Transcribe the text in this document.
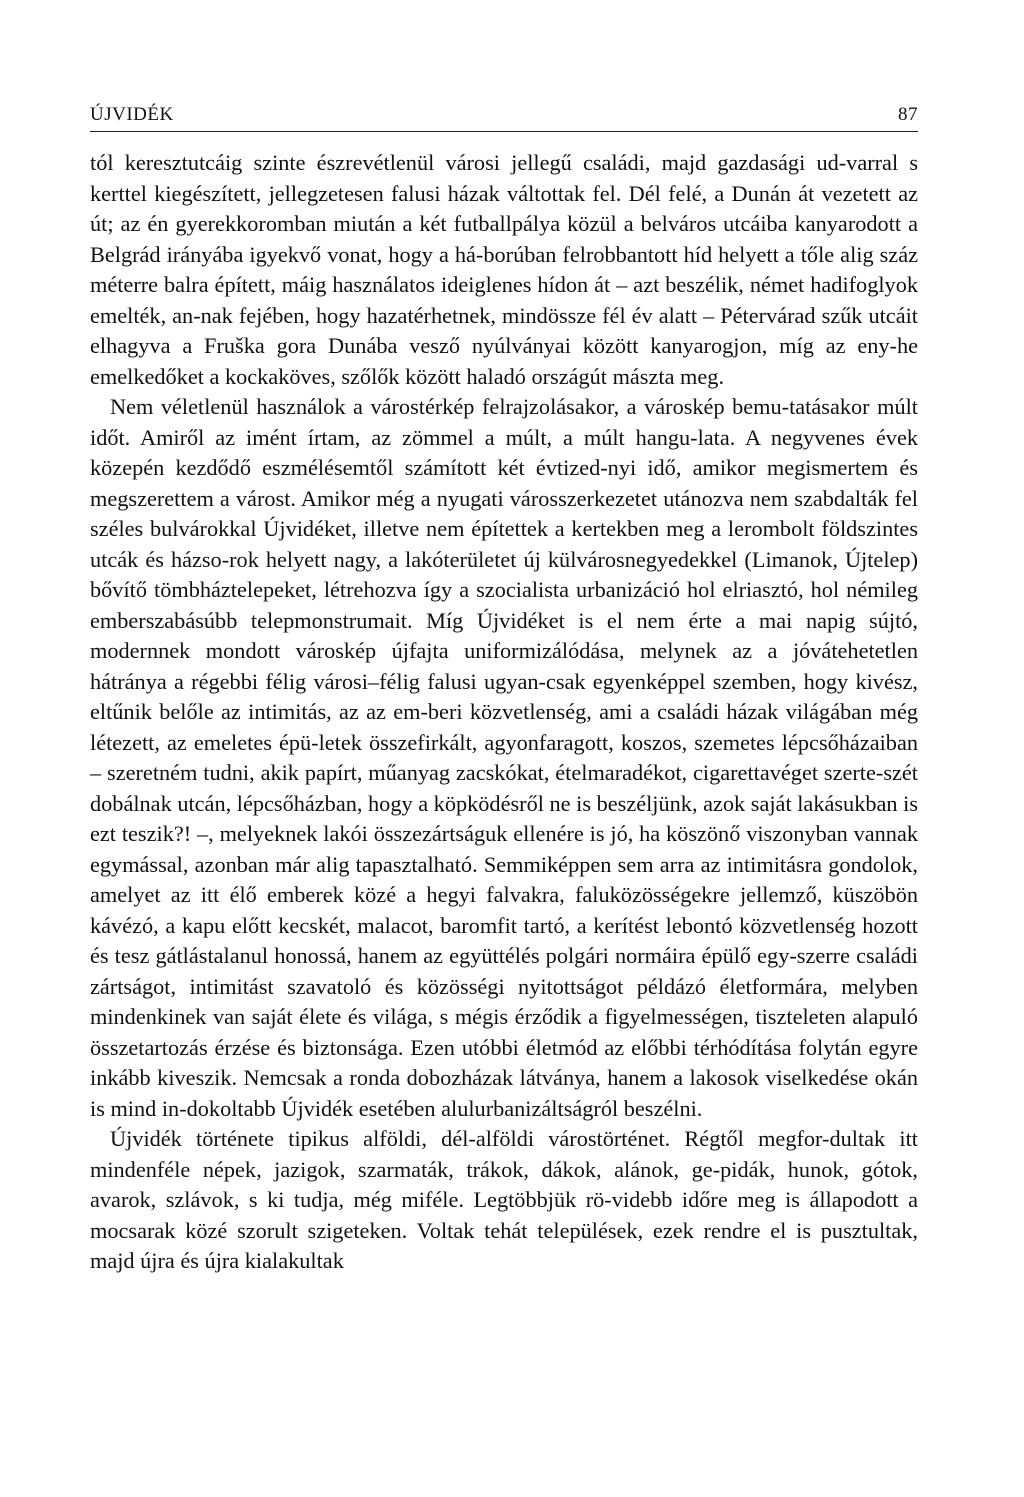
ÚJVIDÉK	87

tól keresztutcáig szinte észrevétlenül városi jellegű családi, majd gazdasági ud-varral s kerttel kiegészített, jellegzetesen falusi házak váltottak fel. Dél felé, a Dunán át vezetett az út; az én gyerekkoromban miután a két futballpálya közül a belváros utcáiba kanyarodott a Belgrád irányába igyekvő vonat, hogy a há-borúban felrobbantott híd helyett a tőle alig száz méterre balra épített, máig használatos ideiglenes hídon át – azt beszélik, német hadifoglyok emelték, an-nak fejében, hogy hazatérhetnek, mindössze fél év alatt – Pétervárad szűk utcáit elhagyva a Fruška gora Dunába vesző nyúlványai között kanyarogjon, míg az eny-he emelkedőket a kockaköves, szőlők között haladó országút mászta meg.

Nem véletlenül használok a várostérkép felrajzolásakor, a városkép bemu-tatásakor múlt időt. Amiről az imént írtam, az zömmel a múlt, a múlt hangu-lata. A negyvenes évek közepén kezdődő eszmélésemtől számított két évtized-nyi idő, amikor megismertem és megszerettem a várost. Amikor még a nyugati városszerkezetet utánozva nem szabdalták fel széles bulvárokkal Újvidéket, illetve nem építettek a kertekben meg a lerombolt földszintes utcák és házso-rok helyett nagy, a lakóterületet új külvárosnegyedekkel (Limanok, Újtelep) bővítő tömbháztelepeket, létrehozva így a szocialista urbanizáció hol elriasztó, hol némileg emberszabásúbb telepmonstrumait. Míg Újvidéket is el nem érte a mai napig sújtó, modernnek mondott városkép újfajta uniformizálódása, melynek az a jóvátehetetlen hátránya a régebbi félig városi–félig falusi ugyan-csak egyenképpel szemben, hogy kivész, eltűnik belőle az intimitás, az az em-beri közvetlenség, ami a családi házak világában még létezett, az emeletes épü-letek összefirkált, agyonfaragott, koszos, szemetes lépcsőházaiban – szeretném tudni, akik papírt, műanyag zacskókat, ételmaradékot, cigarettavéget szerte-szét dobálnak utcán, lépcsőházban, hogy a köpködésről ne is beszéljünk, azok saját lakásukban is ezt teszik?! –, melyeknek lakói összezártságuk ellenére is jó, ha köszönő viszonyban vannak egymással, azonban már alig tapasztalható. Semmiképpen sem arra az intimitásra gondolok, amelyet az itt élő emberek közé a hegyi falvakra, faluközösségekre jellemző, küszöbön kávézó, a kapu előtt kecskét, malacot, baromfit tartó, a kerítést lebontó közvetlenség hozott és tesz gátlástalanul honossá, hanem az együttélés polgári normáira épülő egy-szerre családi zártságot, intimitást szavatoló és közösségi nyitottságot példázó életformára, melyben mindenkinek van saját élete és világa, s mégis érződik a figyelmességen, tiszteleten alapuló összetartozás érzése és biztonsága. Ezen utóbbi életmód az előbbi térhódítása folytán egyre inkább kiveszik. Nemcsak a ronda dobozházak látványa, hanem a lakosok viselkedése okán is mind in-dokoltabb Újvidék esetében alulurbanizáltságról beszélni.

Újvidék története tipikus alföldi, dél-alföldi várostörténet. Régtől megfor-dultak itt mindenféle népek, jazigok, szarmaták, trákok, dákok, alánok, ge-pidák, hunok, gótok, avarok, szlávok, s ki tudja, még miféle. Legtöbbjük rö-videbb időre meg is állapodott a mocsarak közé szorult szigeteken. Voltak tehát települések, ezek rendre el is pusztultak, majd újra és újra kialakultak
